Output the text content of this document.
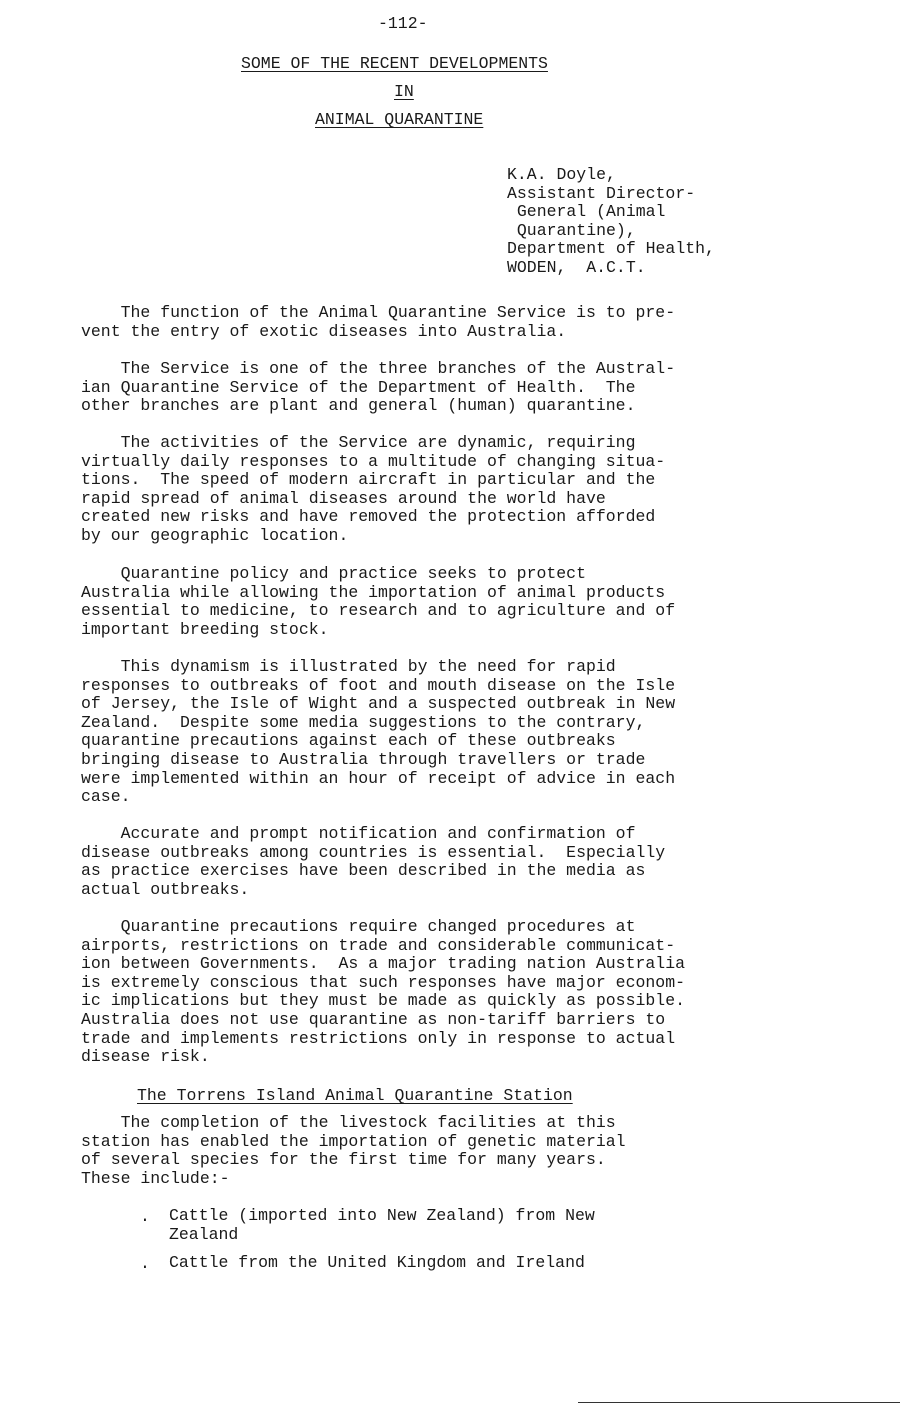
-112-
SOME OF THE RECENT DEVELOPMENTS
IN
ANIMAL QUARANTINE
K.A. Doyle,
Assistant Director-
General (Animal
Quarantine),
Department of Health,
WODEN,  A.C.T.
The function of the Animal Quarantine Service is to pre-
vent the entry of exotic diseases into Australia.
The Service is one of the three branches of the Austral-
ian Quarantine Service of the Department of Health.  The
other branches are plant and general (human) quarantine.
The activities of the Service are dynamic, requiring
virtually daily responses to a multitude of changing situa-
tions.  The speed of modern aircraft in particular and the
rapid spread of animal diseases around the world have
created new risks and have removed the protection afforded
by our geographic location.
Quarantine policy and practice seeks to protect
Australia while allowing the importation of animal products
essential to medicine, to research and to agriculture and of
important breeding stock.
This dynamism is illustrated by the need for rapid
responses to outbreaks of foot and mouth disease on the Isle
of Jersey, the Isle of Wight and a suspected outbreak in New
Zealand.  Despite some media suggestions to the contrary,
quarantine precautions against each of these outbreaks
bringing disease to Australia through travellers or trade
were implemented within an hour of receipt of advice in each
case.
Accurate and prompt notification and confirmation of
disease outbreaks among countries is essential.  Especially
as practice exercises have been described in the media as
actual outbreaks.
Quarantine precautions require changed procedures at
airports, restrictions on trade and considerable communicat-
ion between Governments.  As a major trading nation Australia
is extremely conscious that such responses have major econom-
ic implications but they must be made as quickly as possible.
Australia does not use quarantine as non-tariff barriers to
trade and implements restrictions only in response to actual
disease risk.
The Torrens Island Animal Quarantine Station
The completion of the livestock facilities at this
station has enabled the importation of genetic material
of several species for the first time for many years.
These include:-
. Cattle (imported into New Zealand) from New
Zealand
. Cattle from the United Kingdom and Ireland
